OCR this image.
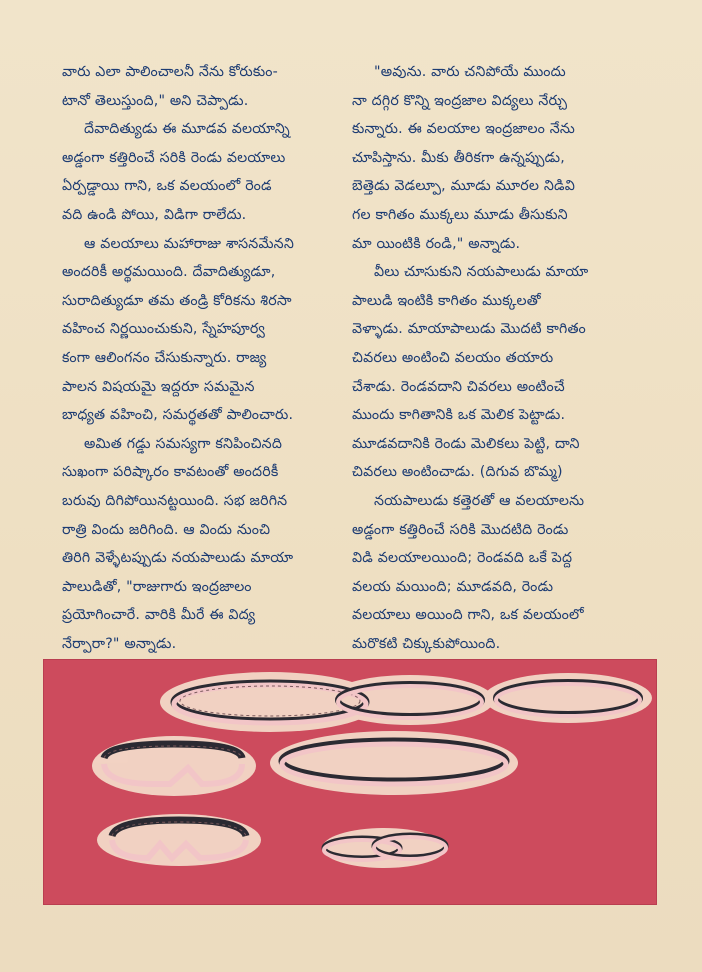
వారు ఎలా పాలించాలనీ నేను కోరుకుం-

టానో తెలుస్తుంది," అని చెప్పాడు.

దేవాదిత్యుడు ఈ మూడవ వలయాన్ని

అడ్డంగా కత్తిరించే సరికి రెండు వలయాలు

ఏర్పడ్డాయి గాని, ఒక వలయంలో రెండ

వది ఉండి పోయి, విడిగా రాలేదు.

ఆ వలయాలు మహారాజు శాసనమేనని

అందరికీ అర్థమయింది. దేవాదిత్యుడూ,

సురాదిత్యుడూ తమ తండ్రి కోరికను శిరసా

వహించ నిర్ణయించుకుని, స్నేహపూర్వ

కంగా ఆలింగనం చేసుకున్నారు. రాజ్య

పాలన విషయమై ఇద్దరూ సమమైన

బాధ్యత వహించి, సమర్థతతో పాలించారు.

అమిత గడ్డు సమస్యగా కనిపించినది

సుఖంగా పరిష్కారం కావటంతో అందరికీ

బరువు దిగిపోయినట్టయింది. సభ జరిగిన

రాత్రి విందు జరిగింది. ఆ విందు నుంచి

తిరిగి వెళ్ళేటప్పుడు నయపాలుడు మాయా

పాలుడితో, "రాజుగారు ఇంద్రజాలం

ప్రయోగించారే. వారికి మీరే ఈ విద్య

నేర్పారా?" అన్నాడు.

"అవును. వారు చనిపోయే ముందు

నా దగ్గిర కొన్ని ఇంద్రజాల విద్యలు నేర్చు

కున్నారు. ఈ వలయాల ఇంద్రజాలం నేను

చూపిస్తాను. మీకు తీరికగా ఉన్నప్పుడు,

బెత్తెడు వెడల్పూ, మూడు మూరల నిడివి

గల కాగితం ముక్కలు మూడు తీసుకుని

మా యింటికి రండి," అన్నాడు.

వీలు చూసుకుని నయపాలుడు మాయా

పాలుడి ఇంటికి కాగితం ముక్కలతో

వెళ్ళాడు. మాయాపాలుడు మొదటి కాగితం

చివరలు అంటించి వలయం తయారు

చేశాడు. రెండవదాని చివరలు అంటించే

ముందు కాగితానికి ఒక మెలిక పెట్టాడు.

మూడవదానికి రెండు మెలికలు పెట్టి, దాని

చివరలు అంటించాడు. (దిగువ బొమ్మ)

నయపాలుడు కత్తెరతో ఆ వలయాలను

అడ్డంగా కత్తిరించే సరికి మొదటిది రెండు

విడి వలయాలయింది; రెండవది ఒకే పెద్ద

వలయ మయింది; మూడవది, రెండు

వలయాలు అయింది గాని, ఒక వలయంలో

మరొకటి చిక్కుకుపోయింది.
